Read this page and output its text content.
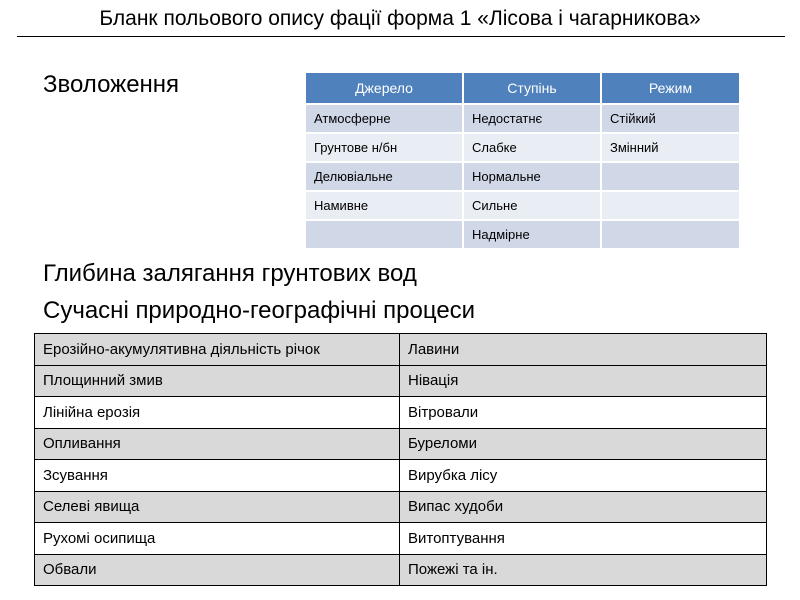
Бланк польового опису фації форма 1 «Лісова і чагарникова»
Зволоження	Джерело	Ступінь	Режим
Атмосферне	Недостатнє	Стійкий
Грунтове н/бн	Слабке	Змінний
Делювіальне	Нормальне	
Намивне	Сильне	
	Надмірне	
Глибина залягання грунтових вод
Сучасні природно-географічні процеси
Ерозійно-акумулятивна діяльність річок	Лавини
Площинний змив	Нівація
Лінійна ерозія	Вітровали
Опливання	Буреломи
Зсування	Вирубка лісу
Селеві явища	Випас худоби
Рухомі осипища	Витоптування
Обвали	Пожежі та ін.
